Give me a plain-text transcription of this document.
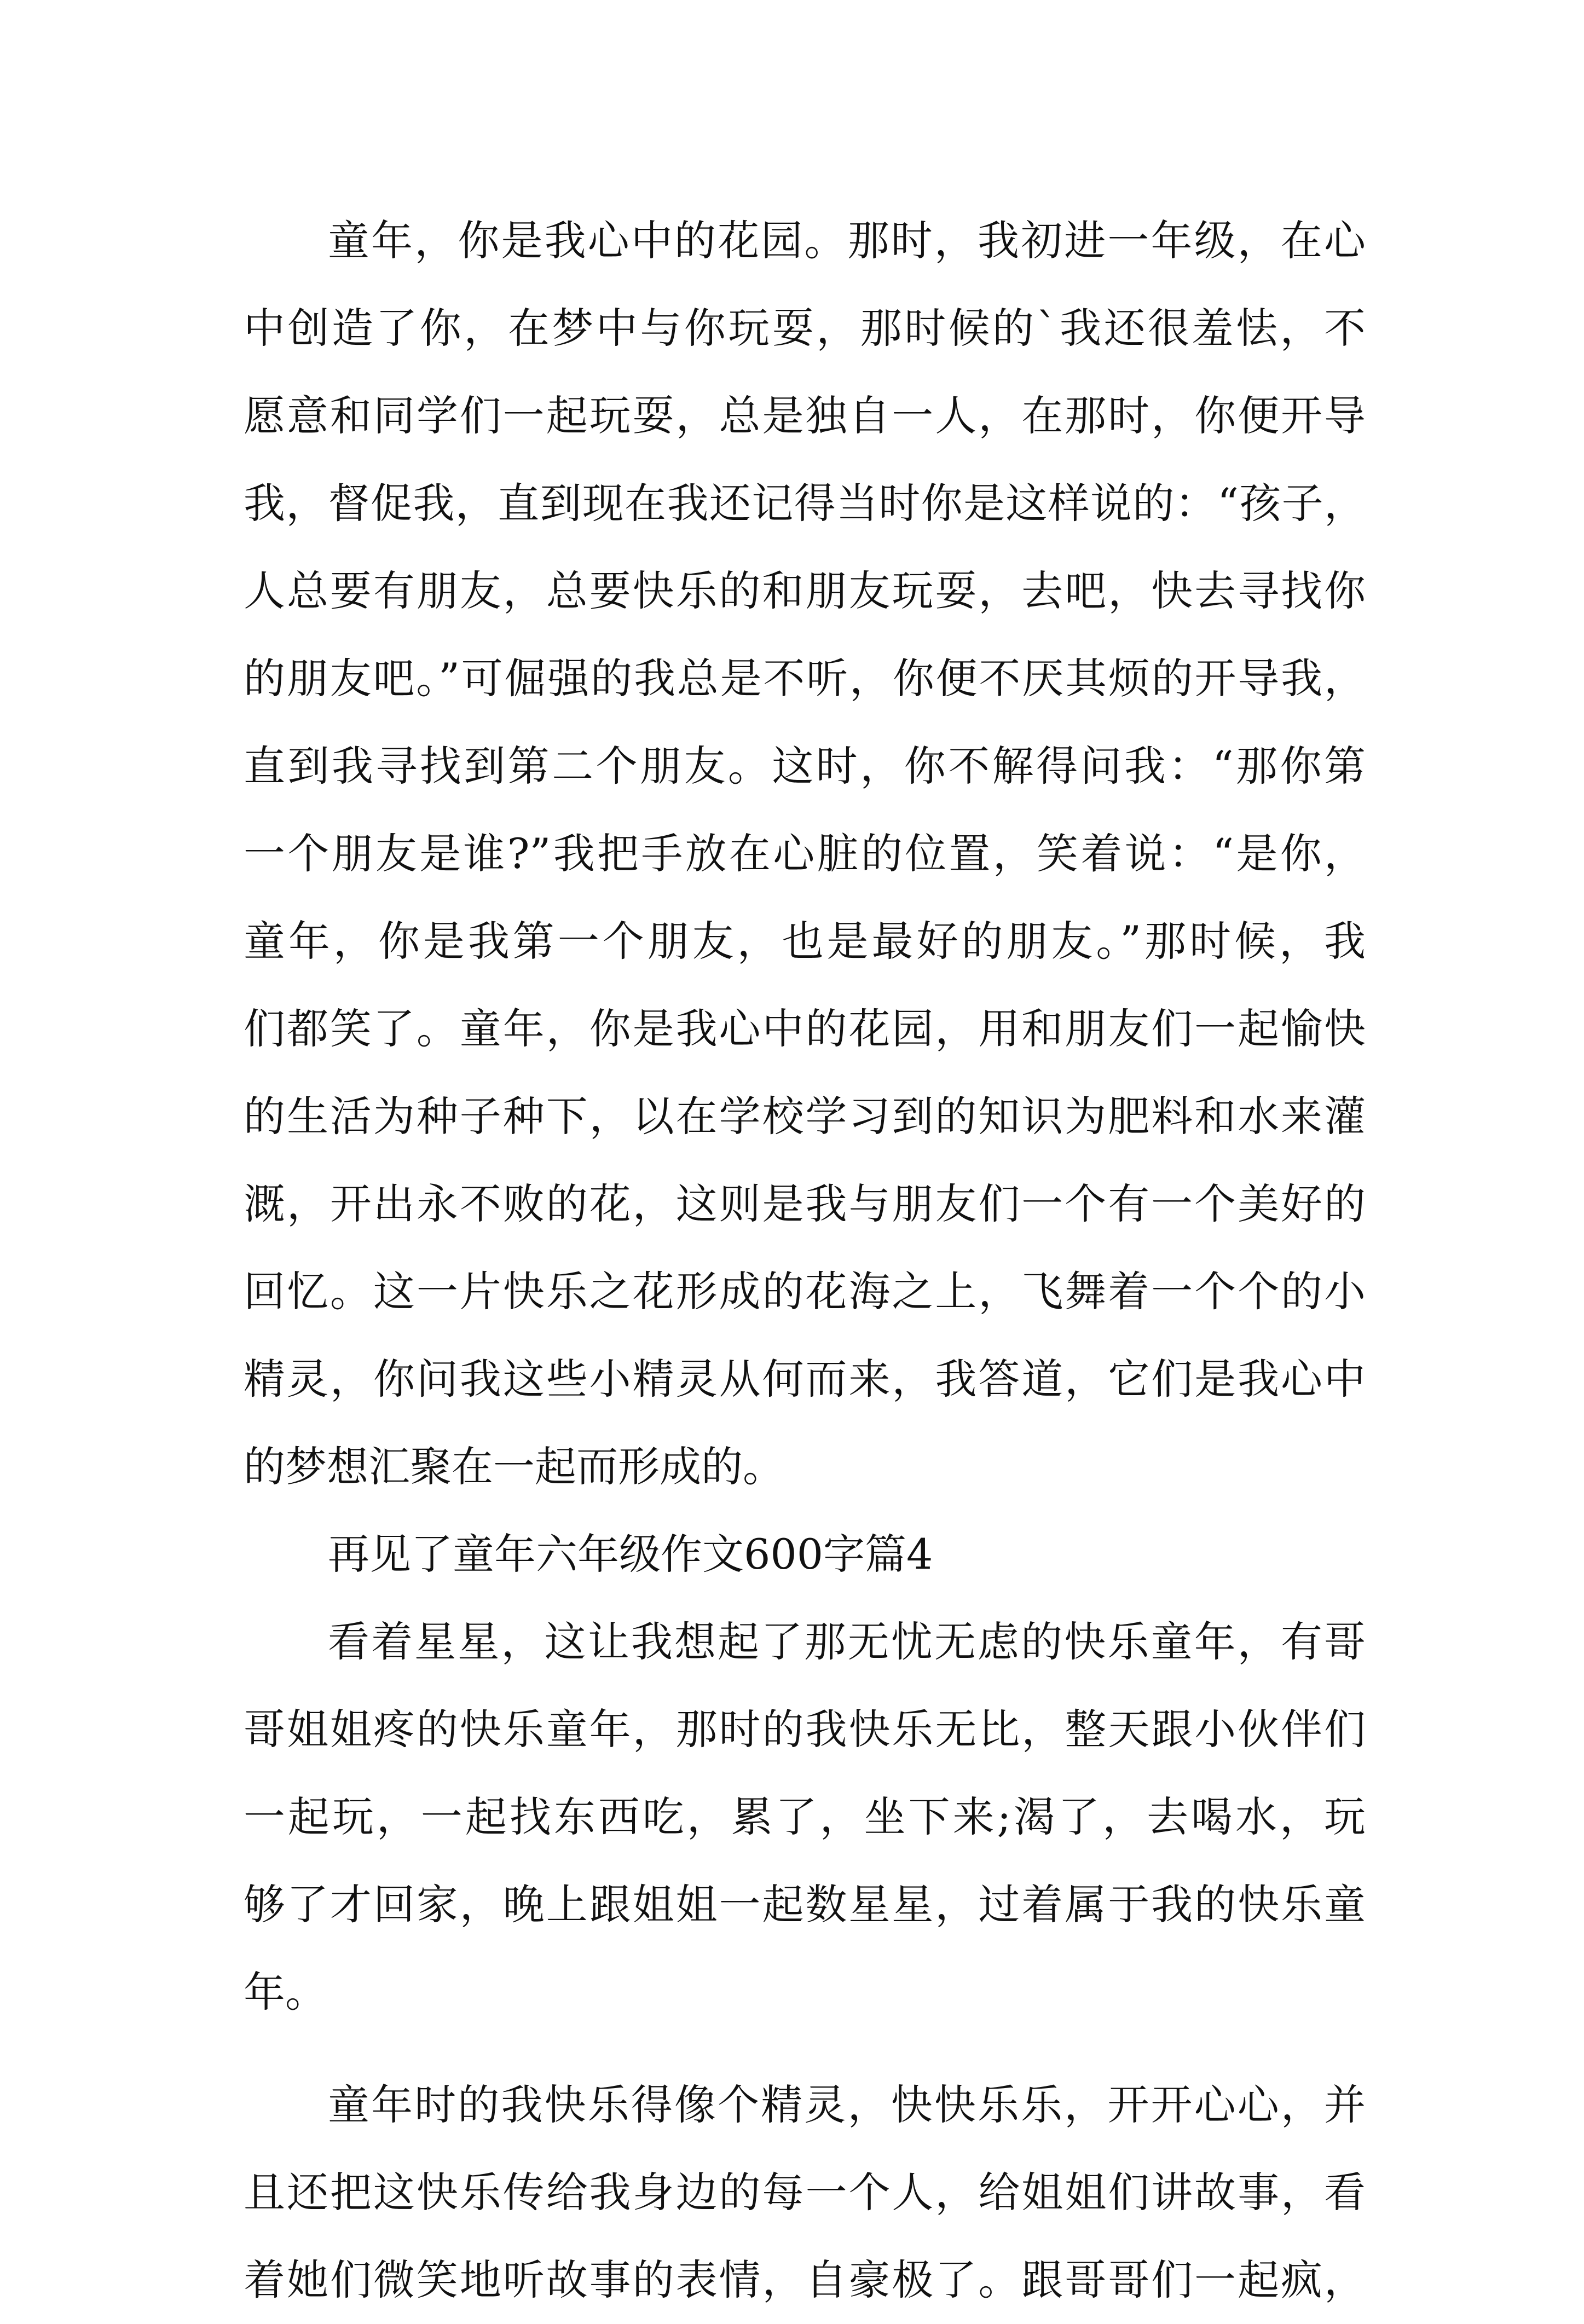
童年，你是我心中的花园。那时，我初进一年级，在心
中创造了你，在梦中与你玩耍，那时候的`我还很羞怯，不
愿意和同学们一起玩耍，总是独自一人，在那时，你便开导
我，督促我，直到现在我还记得当时你是这样说的：“孩子，
人总要有朋友，总要快乐的和朋友玩耍，去吧，快去寻找你
的朋友吧。”可倔强的我总是不听，你便不厌其烦的开导我，
直到我寻找到第二个朋友。这时，你不解得问我：“那你第
一个朋友是谁?”我把手放在心脏的位置，笑着说：“是你，
童年，你是我第一个朋友，也是最好的朋友。”那时候，我
们都笑了。童年，你是我心中的花园，用和朋友们一起愉快
的生活为种子种下，以在学校学习到的知识为肥料和水来灌
溉，开出永不败的花，这则是我与朋友们一个有一个美好的
回忆。这一片快乐之花形成的花海之上，飞舞着一个个的小
精灵，你问我这些小精灵从何而来，我答道，它们是我心中
的梦想汇聚在一起而形成的。
再见了童年六年级作文600字篇4
看着星星，这让我想起了那无忧无虑的快乐童年，有哥
哥姐姐疼的快乐童年，那时的我快乐无比，整天跟小伙伴们
一起玩，一起找东西吃，累了，坐下来;渴了，去喝水，玩
够了才回家，晚上跟姐姐一起数星星，过着属于我的快乐童
年。
童年时的我快乐得像个精灵，快快乐乐，开开心心，并
且还把这快乐传给我身边的每一个人，给姐姐们讲故事，看
着她们微笑地听故事的表情，自豪极了。跟哥哥们一起疯，
